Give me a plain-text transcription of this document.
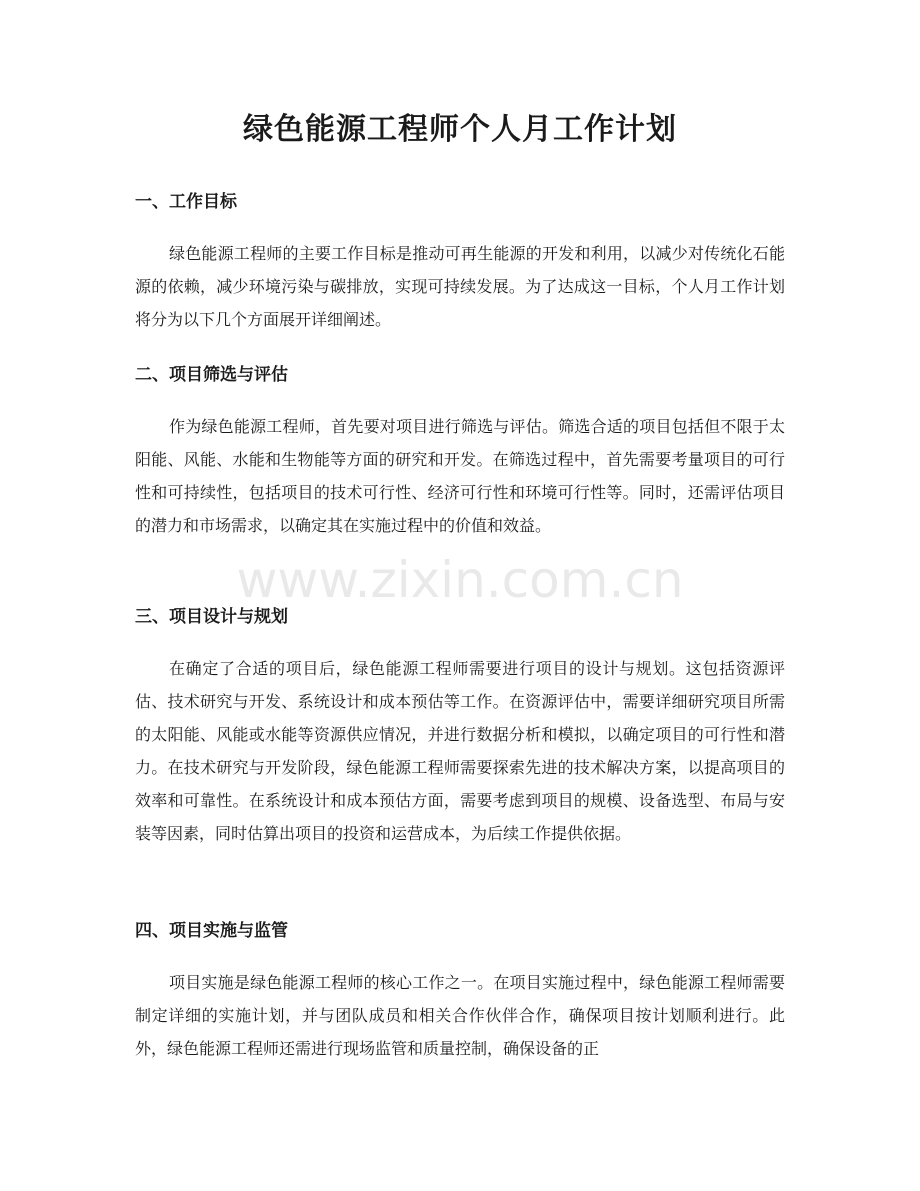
绿色能源工程师个人月工作计划
一、工作目标

绿色能源工程师的主要工作目标是推动可再生能源的开发和利用，以减少对传统化石能源的依赖，减少环境污染与碳排放，实现可持续发展。为了达成这一目标，个人月工作计划将分为以下几个方面展开详细阐述。

二、项目筛选与评估

作为绿色能源工程师，首先要对项目进行筛选与评估。筛选合适的项目包括但不限于太阳能、风能、水能和生物能等方面的研究和开发。在筛选过程中，首先需要考量项目的可行性和可持续性，包括项目的技术可行性、经济可行性和环境可行性等。同时，还需评估项目的潜力和市场需求，以确定其在实施过程中的价值和效益。

三、项目设计与规划

在确定了合适的项目后，绿色能源工程师需要进行项目的设计与规划。这包括资源评估、技术研究与开发、系统设计和成本预估等工作。在资源评估中，需要详细研究项目所需的太阳能、风能或水能等资源供应情况，并进行数据分析和模拟，以确定项目的可行性和潜力。在技术研究与开发阶段，绿色能源工程师需要探索先进的技术解决方案，以提高项目的效率和可靠性。在系统设计和成本预估方面，需要考虑到项目的规模、设备选型、布局与安装等因素，同时估算出项目的投资和运营成本，为后续工作提供依据。

四、项目实施与监管

项目实施是绿色能源工程师的核心工作之一。在项目实施过程中，绿色能源工程师需要制定详细的实施计划，并与团队成员和相关合作伙伴合作，确保项目按计划顺利进行。此外，绿色能源工程师还需进行现场监管和质量控制，确保设备的正

www.zixin.com.cn
